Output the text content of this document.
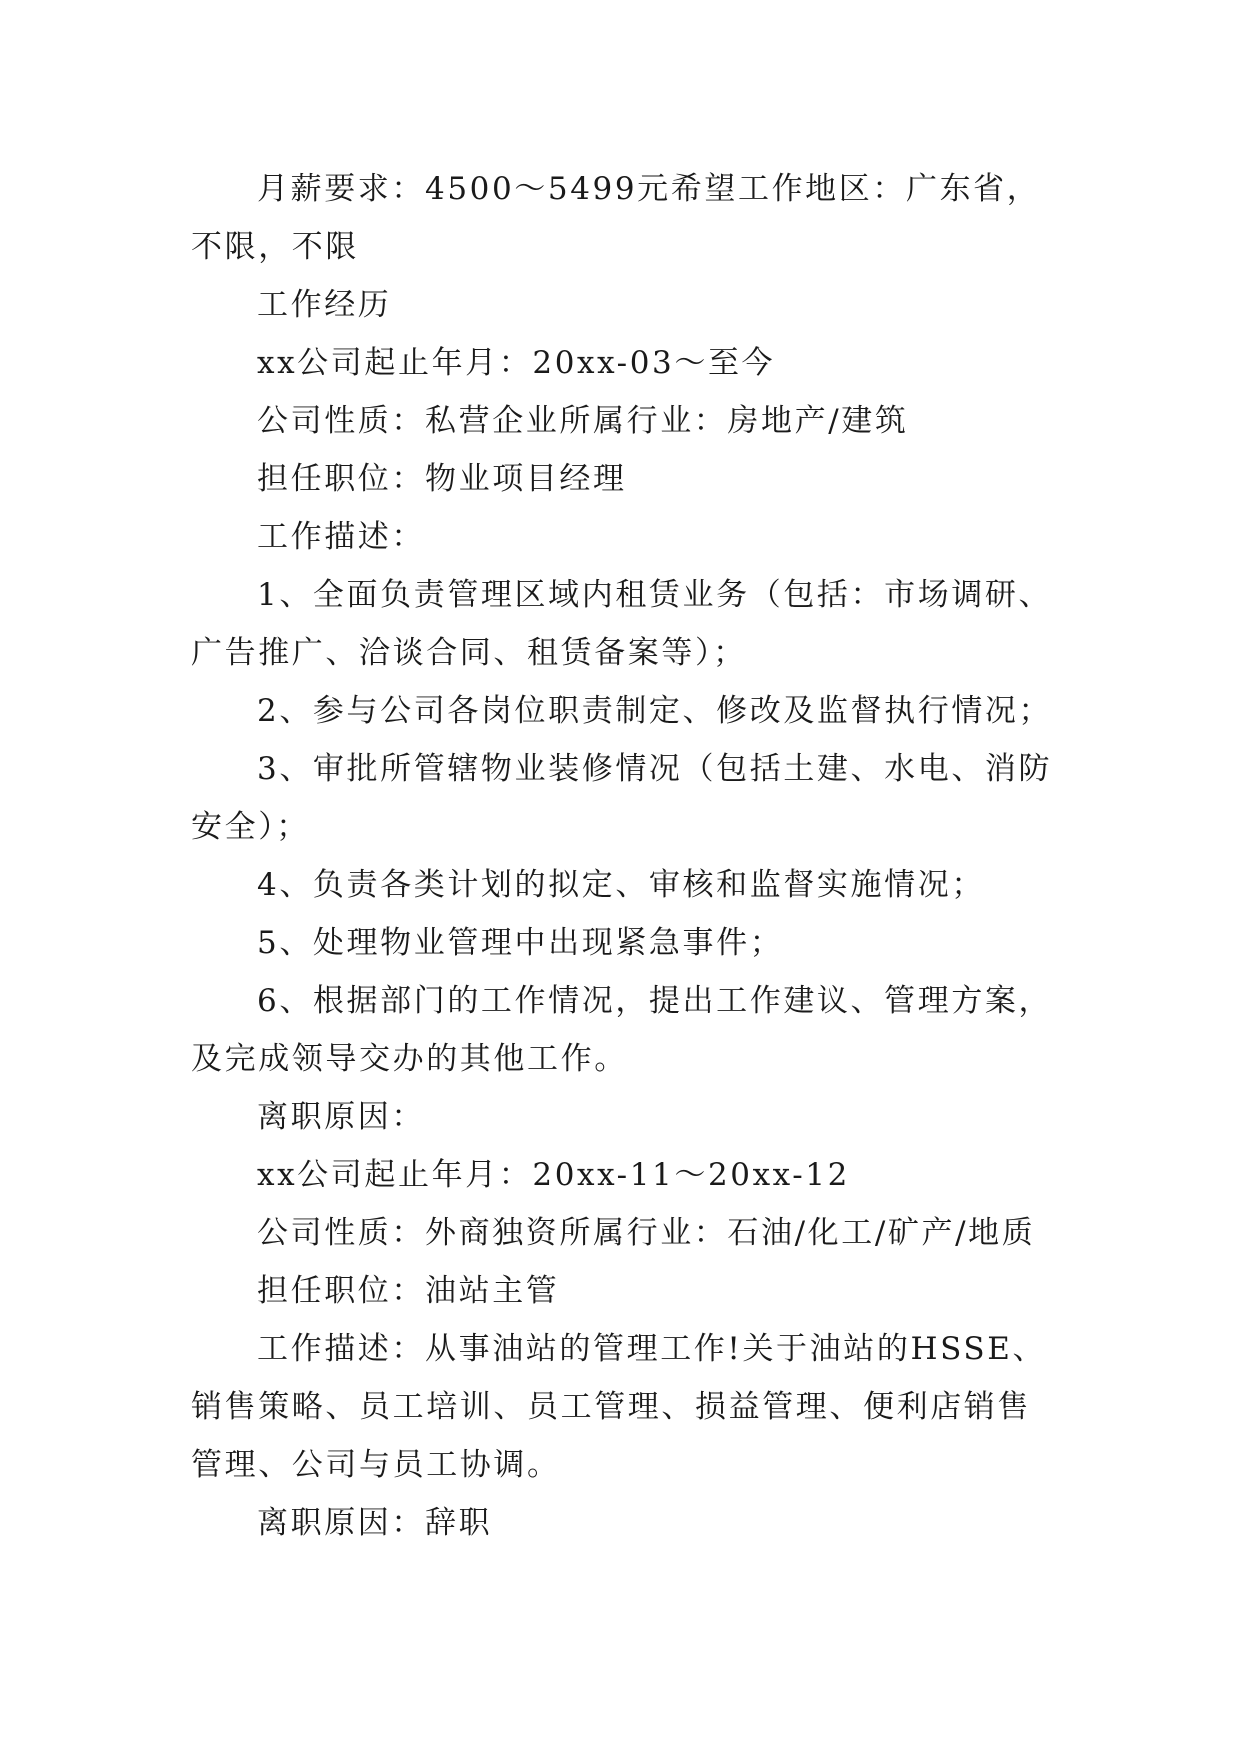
月薪要求：4500～5499元希望工作地区：广东省，不限，不限

工作经历

xx公司起止年月：20xx-03～至今

公司性质：私营企业所属行业：房地产/建筑

担任职位：物业项目经理

工作描述：

1、全面负责管理区域内租赁业务（包括：市场调研、广告推广、洽谈合同、租赁备案等）；

2、参与公司各岗位职责制定、修改及监督执行情况；

3、审批所管辖物业装修情况（包括土建、水电、消防安全）；

4、负责各类计划的拟定、审核和监督实施情况；

5、处理物业管理中出现紧急事件；

6、根据部门的工作情况，提出工作建议、管理方案，及完成领导交办的其他工作。

离职原因：

xx公司起止年月：20xx-11～20xx-12

公司性质：外商独资所属行业：石油/化工/矿产/地质

担任职位：油站主管

工作描述：从事油站的管理工作!关于油站的HSSE、销售策略、员工培训、员工管理、损益管理、便利店销售管理、公司与员工协调。

离职原因：辞职
